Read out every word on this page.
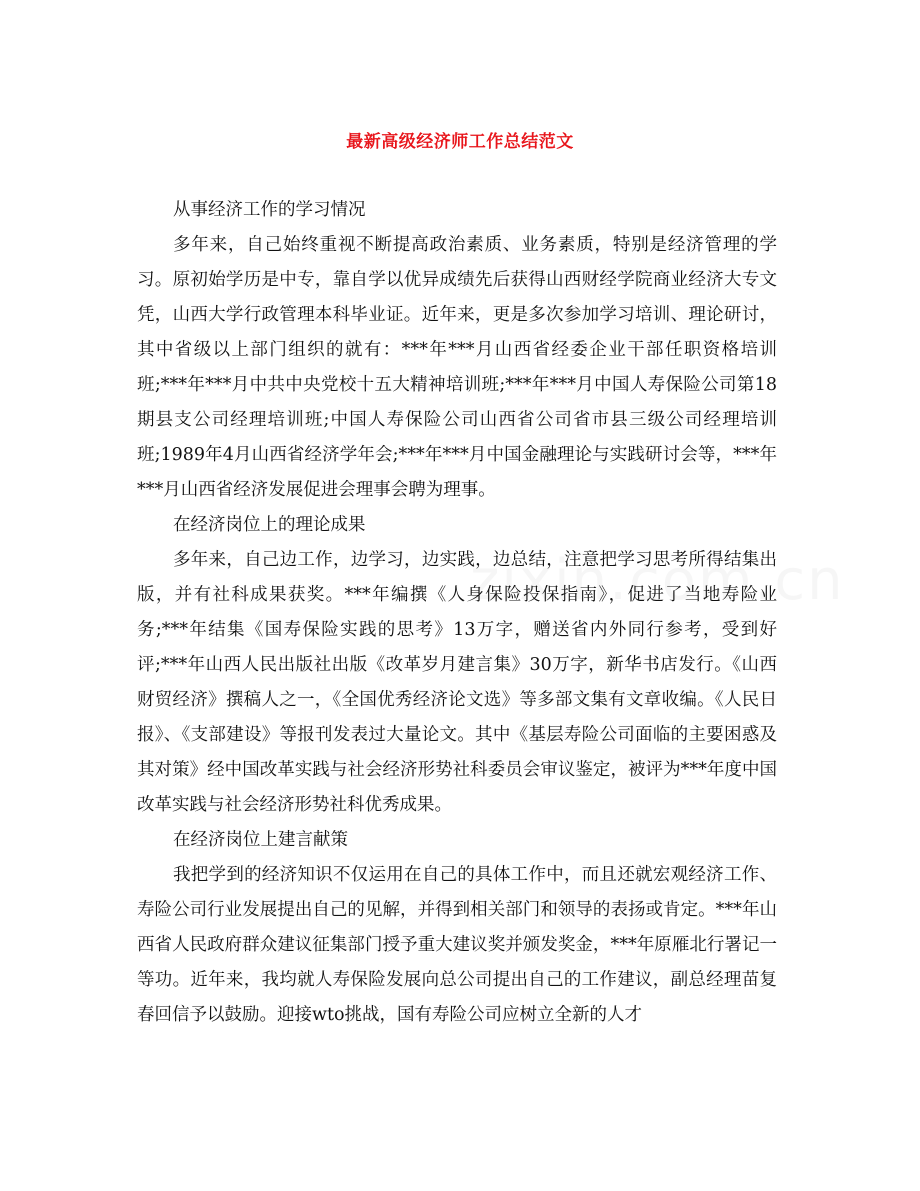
最新高级经济师工作总结范文

从事经济工作的学习情况

多年来，自己始终重视不断提高政治素质、业务素质，特别是经济管理的学习。原初始学历是中专，靠自学以优异成绩先后获得山西财经学院商业经济大专文凭，山西大学行政管理本科毕业证。近年来，更是多次参加学习培训、理论研讨，其中省级以上部门组织的就有：***年***月山西省经委企业干部任职资格培训班;***年***月中共中央党校十五大精神培训班;***年***月中国人寿保险公司第18期县支公司经理培训班;中国人寿保险公司山西省公司省市县三级公司经理培训班;1989年4月山西省经济学年会;***年***月中国金融理论与实践研讨会等，***年***月山西省经济发展促进会理事会聘为理事。

在经济岗位上的理论成果

多年来，自己边工作，边学习，边实践，边总结，注意把学习思考所得结集出版，并有社科成果获奖。***年编撰《人身保险投保指南》，促进了当地寿险业务;***年结集《国寿保险实践的思考》13万字，赠送省内外同行参考，受到好评;***年山西人民出版社出版《改革岁月建言集》30万字，新华书店发行。《山西财贸经济》撰稿人之一，《全国优秀经济论文选》等多部文集有文章收编。《人民日报》、《支部建设》等报刊发表过大量论文。其中《基层寿险公司面临的主要困惑及其对策》经中国改革实践与社会经济形势社科委员会审议鉴定，被评为***年度中国改革实践与社会经济形势社科优秀成果。

在经济岗位上建言献策

我把学到的经济知识不仅运用在自己的具体工作中，而且还就宏观经济工作、寿险公司行业发展提出自己的见解，并得到相关部门和领导的表扬或肯定。***年山西省人民政府群众建议征集部门授予重大建议奖并颁发奖金，***年原雁北行署记一等功。近年来，我均就人寿保险发展向总公司提出自己的工作建议，副总经理苗复春回信予以鼓励。迎接wto挑战，国有寿险公司应树立全新的人才
